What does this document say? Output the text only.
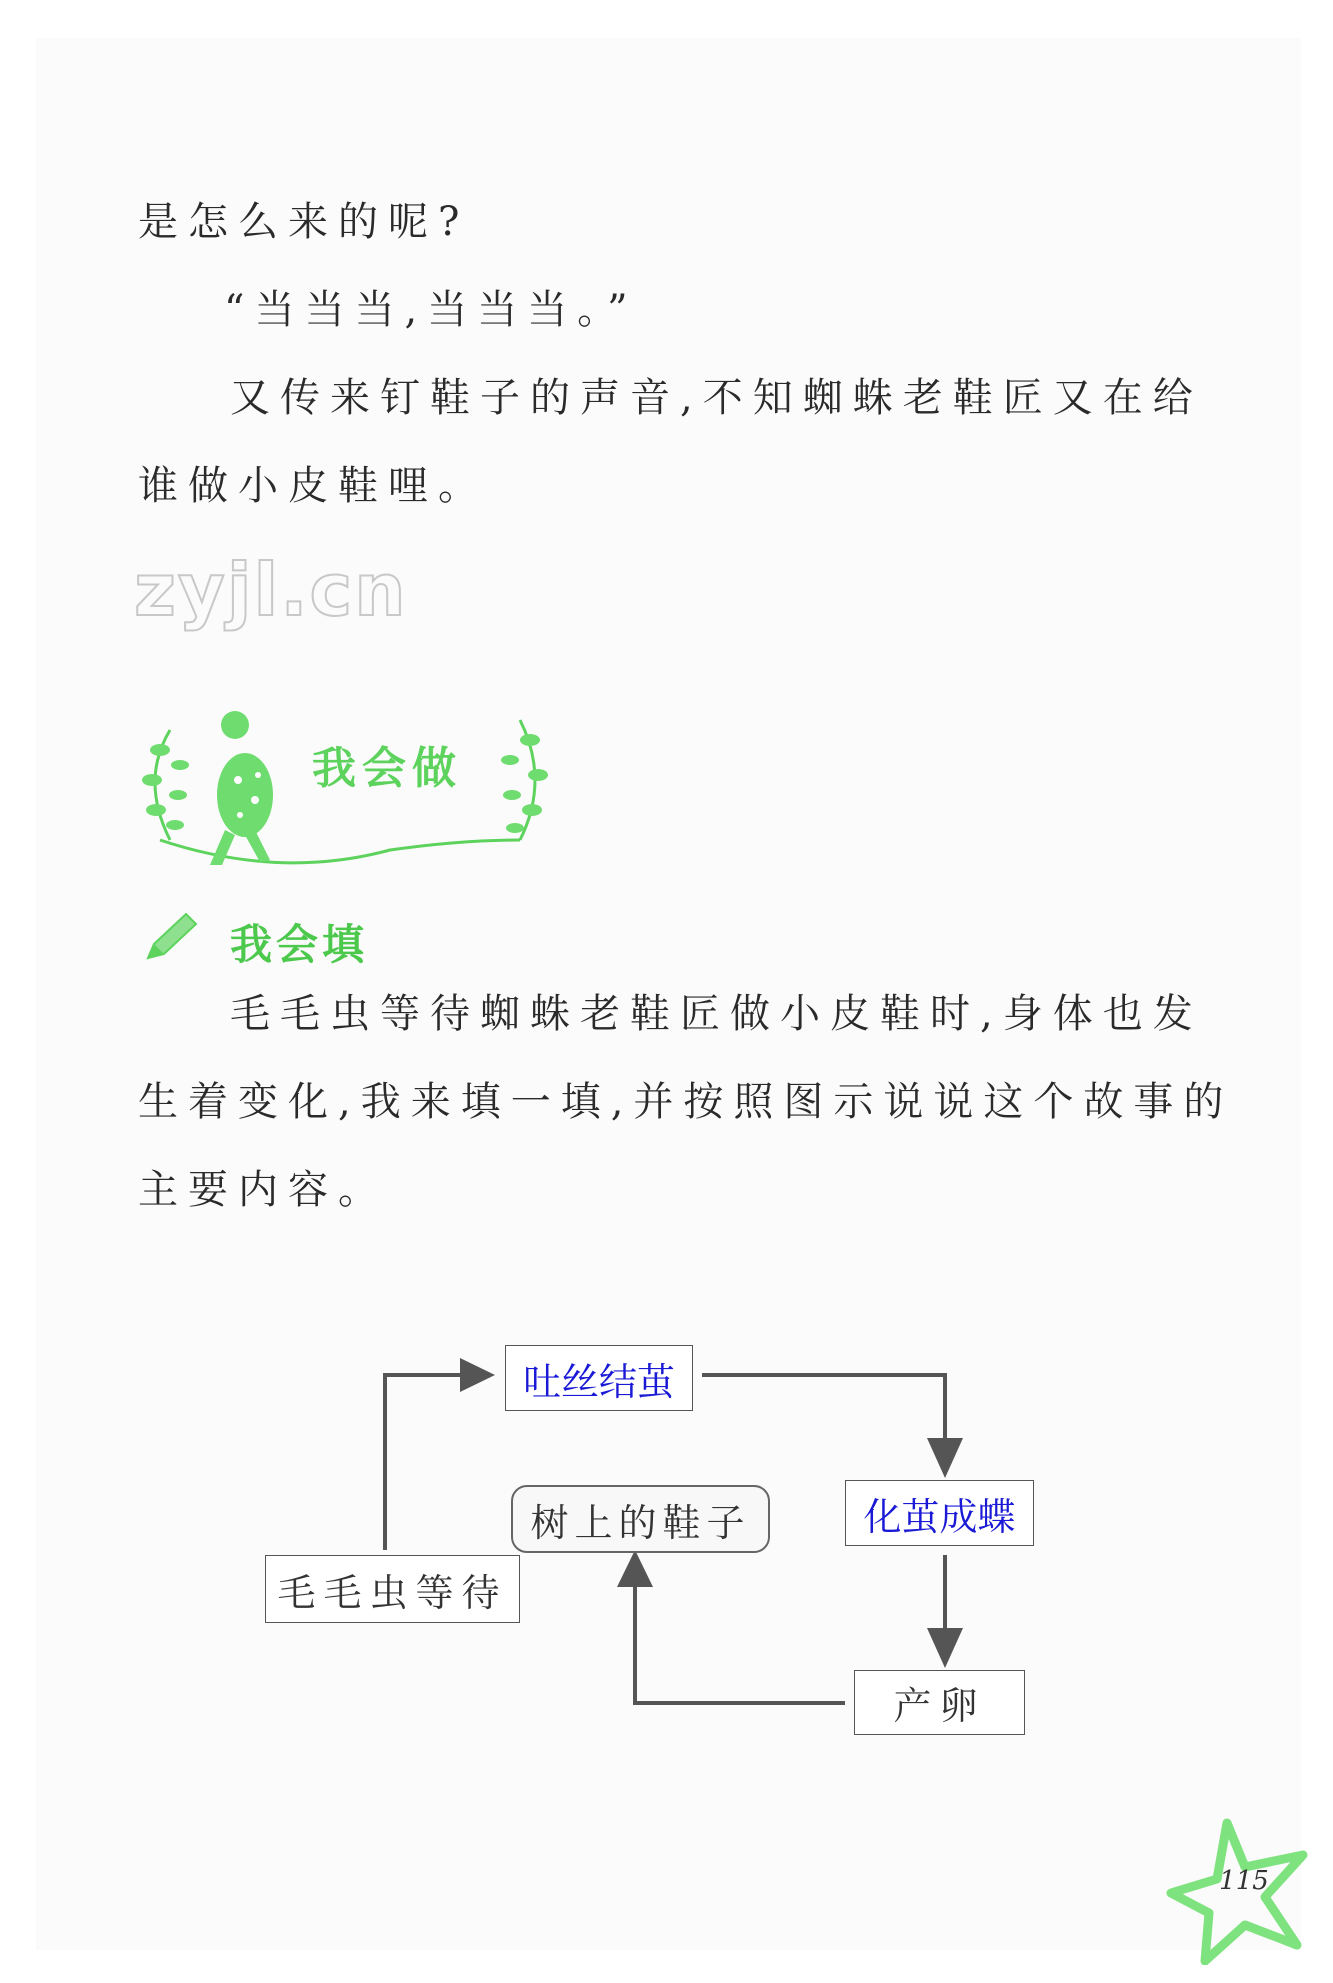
是怎么来的呢?

“当当当,当当当。”

又传来钉鞋子的声音,不知蜘蛛老鞋匠又在给
谁做小皮鞋哩。

zyjl.cn
我会做
我会填

毛毛虫等待蜘蛛老鞋匠做小皮鞋时,身体也发
生着变化,我来填一填,并按照图示说说这个故事的
主要内容。

吐丝结茧
树上的鞋子	化茧成蝶
毛毛虫等待
产卵
115
